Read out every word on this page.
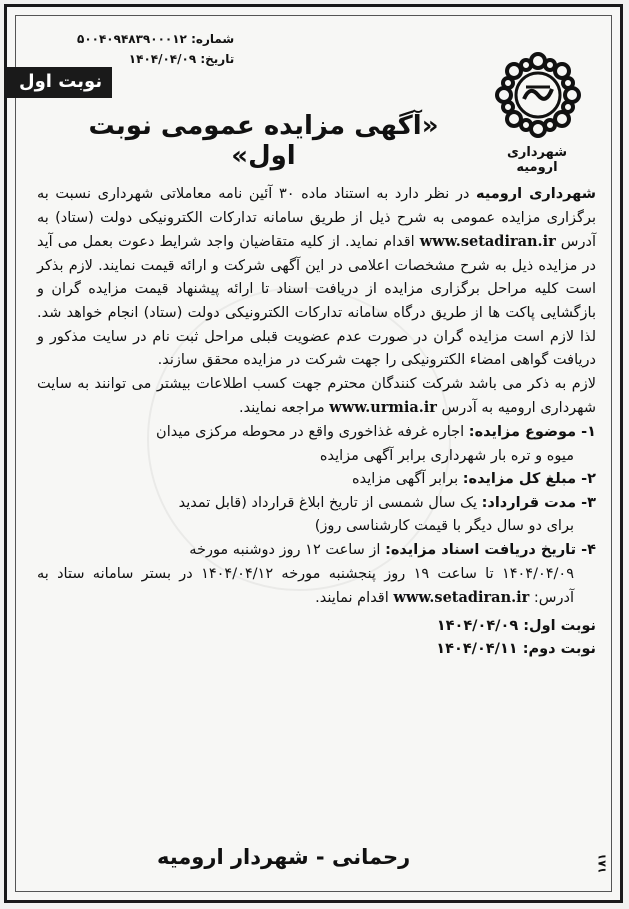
شهرداری ارومیه
نوبت اول
شماره: ۵۰۰۴۰۹۴۸۳۹۰۰۰۱۲
تاریخ: ۱۴۰۴/۰۴/۰۹
«آگهی مزایده عمومی نوبت اول»

شهرداری ارومیه در نظر دارد به استناد ماده ۳۰ آئین نامه معاملاتی شهرداری نسبت به برگزاری مزایده عمومی به شرح ذیل از طریق سامانه تدارکات الکترونیکی دولت (ستاد) به آدرس www.setadiran.ir اقدام نماید. از کلیه متقاضیان واجد شرایط دعوت بعمل می آید در مزایده ذیل به شرح مشخصات اعلامی در این آگهی شرکت و ارائه قیمت نمایند. لازم بذکر است کلیه مراحل برگزاری مزایده از دریافت اسناد تا ارائه پیشنهاد قیمت مزایده گران و بازگشایی پاکت ها از طریق درگاه سامانه تدارکات الکترونیکی دولت (ستاد) انجام خواهد شد. لذا لازم است مزایده گران در صورت عدم عضویت قبلی مراحل ثبت نام در سایت مذکور و دریافت گواهی امضاء الکترونیکی را جهت شرکت در مزایده محقق سازند.

لازم به ذکر می باشد شرکت کنندگان محترم جهت کسب اطلاعات بیشتر می توانند به سایت شهرداری ارومیه به آدرس www.urmia.ir مراجعه نمایند.

۱- موضوع مزایده: اجاره غرفه غذاخوری واقع در محوطه مرکزی میدان
میوه و تره بار شهرداری برابر آگهی مزایده
۲- مبلغ کل مزایده: برابر آگهی مزایده
۳- مدت قرارداد: یک سال شمسی از تاریخ ابلاغ قرارداد (قابل تمدید
برای دو سال دیگر با قیمت کارشناسی روز)
۴- تاریخ دریافت اسناد مزایده: از ساعت ۱۲ روز دوشنبه مورخه
۱۴۰۴/۰۴/۰۹ تا ساعت ۱۹ روز پنجشنبه مورخه ۱۴۰۴/۰۴/۱۲ در بستر سامانه ستاد به آدرس: www.setadiran.ir اقدام نمایند.
نوبت اول: ۱۴۰۴/۰۴/۰۹
نوبت دوم: ۱۴۰۴/۰۴/۱۱
رحمانی - شهردار ارومیه	۱۸۱
